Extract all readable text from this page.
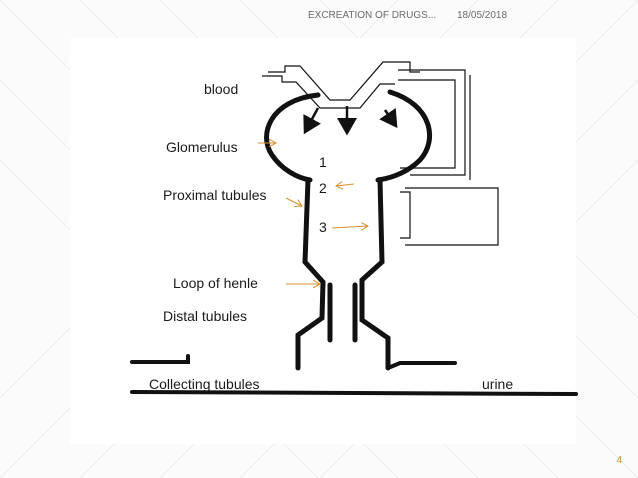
EXCREATION OF DRUGS... 18/05/2018
blood
Glomerulus
Proximal tubules
Loop of henle
Distal tubules
Collecting tubules	urine
1
2
3
4
